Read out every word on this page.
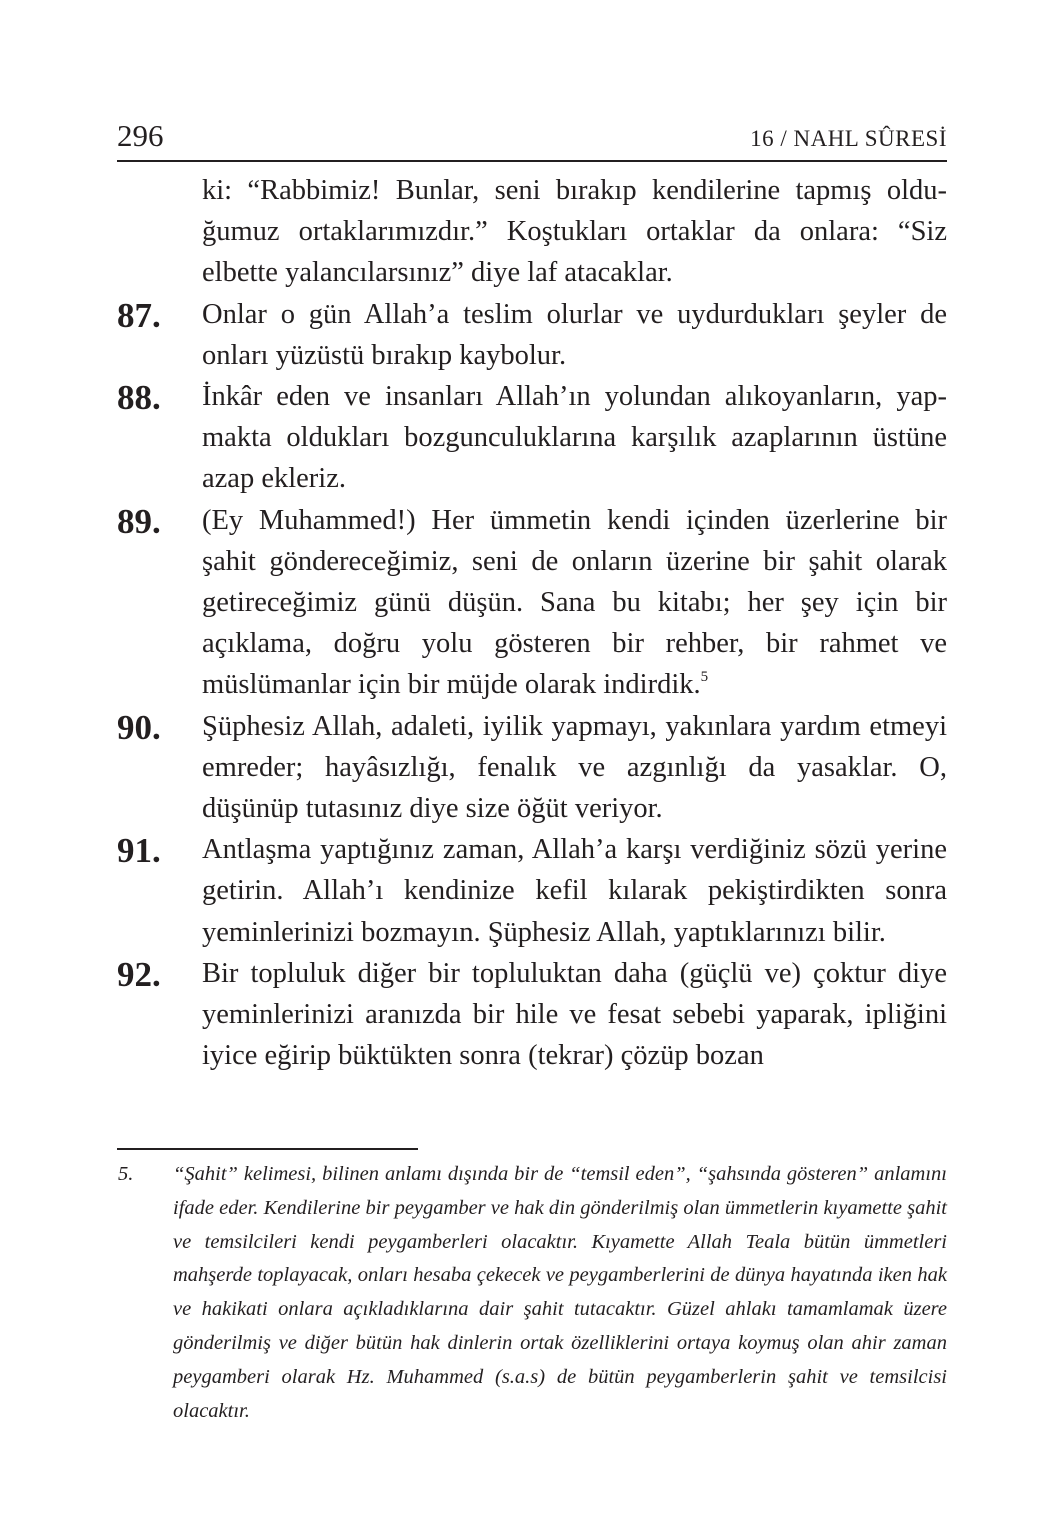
296	16 / NAHL SÛRESİ
ki: “Rabbimiz! Bunlar, seni bırakıp kendilerine tapmış olduğumuz ortaklarımızdır.” Koştukları ortaklar da onlara: “Siz elbette yalancılarsınız” diye laf atacaklar.
87. Onlar o gün Allah’a teslim olurlar ve uydurdukları şeyler de onları yüzüstü bırakıp kaybolur.
88. İnkâr eden ve insanları Allah’ın yolundan alıkoyanların, yapmakta oldukları bozgunculuklarına karşılık azaplarının üstüne azap ekleriz.
89. (Ey Muhammed!) Her ümmetin kendi içinden üzerlerine bir şahit göndereceğimiz, seni de onların üzerine bir şahit olarak getireceğimiz günü düşün. Sana bu kitabı; her şey için bir açıklama, doğru yolu gösteren bir rehber, bir rahmet ve müslümanlar için bir müjde olarak indirdik.$^5$
90. Şüphesiz Allah, adaleti, iyilik yapmayı, yakınlara yardım etmeyi emreder; hayâsızlığı, fenalık ve azgınlığı da yasaklar. O, düşünüp tutasınız diye size öğüt veriyor.
91. Antlaşma yaptığınız zaman, Allah’a karşı verdiğiniz sözü yerine getirin. Allah’ı kendinize kefil kılarak pekiştirdikten sonra yeminlerinizi bozmayın. Şüphesiz Allah, yaptıklarınızı bilir.
92. Bir topluluk diğer bir topluluktan daha (güçlü ve) çoktur diye yeminlerinizi aranızda bir hile ve fesat sebebi yaparak, ipliğini iyice eğirip büktükten sonra (tekrar) çözüp bozan
5. “Şahit” kelimesi, bilinen anlamı dışında bir de “temsil eden”, “şahsında gösteren” anlamını ifade eder. Kendilerine bir peygamber ve hak din gönderilmiş olan ümmetlerin kıyamette şahit ve temsilcileri kendi peygamberleri olacaktır. Kıyamette Allah Teala bütün ümmetleri mahşerde toplayacak, onları hesaba çekecek ve peygamberlerini de dünya hayatında iken hak ve hakikati onlara açıkladıklarına dair şahit tutacaktır. Güzel ahlakı tamamlamak üzere gönderilmiş ve diğer bütün hak dinlerin ortak özelliklerini ortaya koymuş olan ahir zaman peygamberi olarak Hz. Muhammed (s.a.s) de bütün peygamberlerin şahit ve temsilcisi olacaktır.
